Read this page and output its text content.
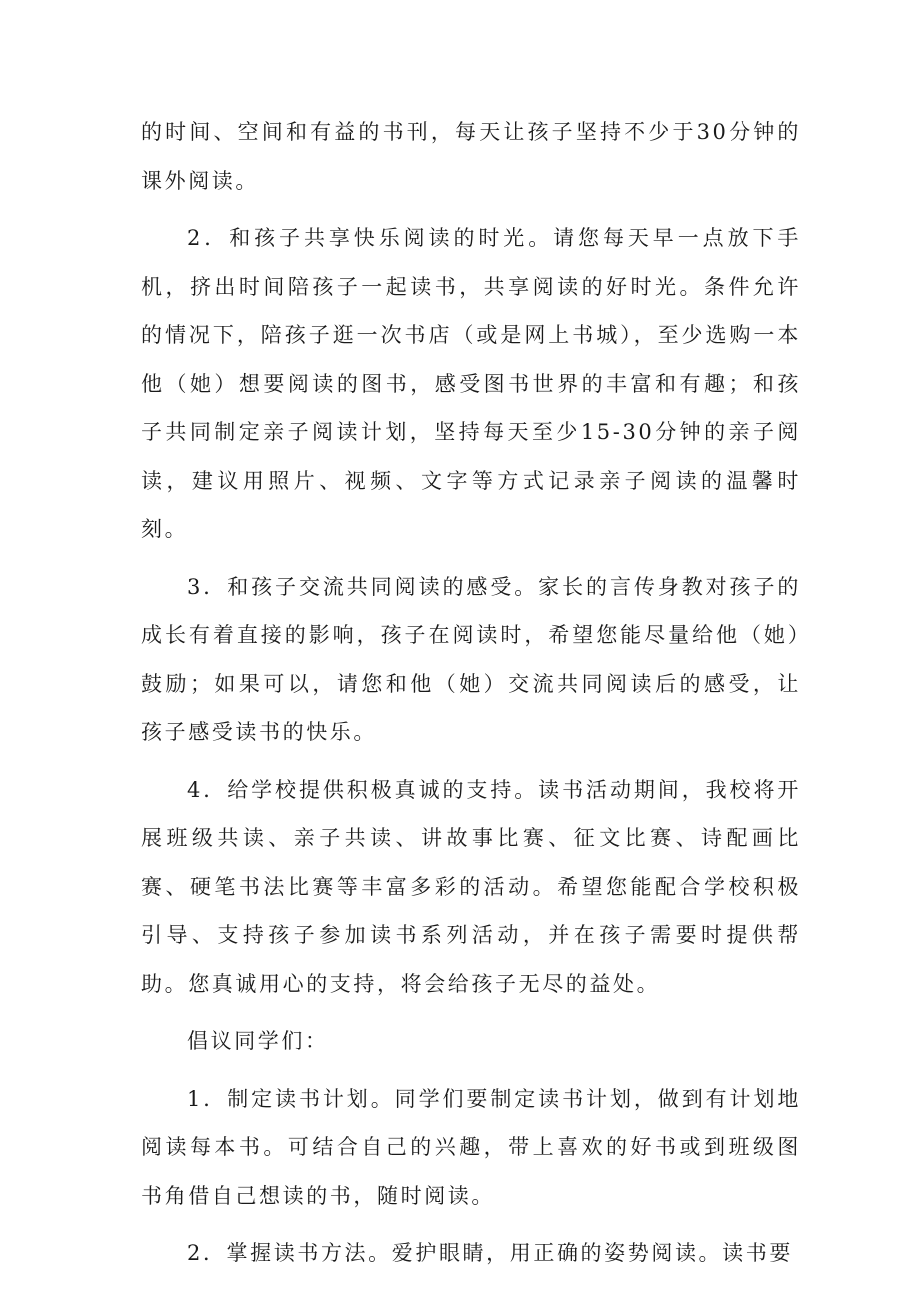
的时间、空间和有益的书刊，每天让孩子坚持不少于30分钟的课外阅读。

2．和孩子共享快乐阅读的时光。请您每天早一点放下手机，挤出时间陪孩子一起读书，共享阅读的好时光。条件允许的情况下，陪孩子逛一次书店（或是网上书城），至少选购一本他（她）想要阅读的图书，感受图书世界的丰富和有趣；和孩子共同制定亲子阅读计划，坚持每天至少15-30分钟的亲子阅读，建议用照片、视频、文字等方式记录亲子阅读的温馨时刻。

3．和孩子交流共同阅读的感受。家长的言传身教对孩子的成长有着直接的影响，孩子在阅读时，希望您能尽量给他（她）鼓励；如果可以，请您和他（她）交流共同阅读后的感受，让孩子感受读书的快乐。

4．给学校提供积极真诚的支持。读书活动期间，我校将开展班级共读、亲子共读、讲故事比赛、征文比赛、诗配画比赛、硬笔书法比赛等丰富多彩的活动。希望您能配合学校积极引导、支持孩子参加读书系列活动，并在孩子需要时提供帮助。您真诚用心的支持，将会给孩子无尽的益处。

倡议同学们：

1．制定读书计划。同学们要制定读书计划，做到有计划地阅读每本书。可结合自己的兴趣，带上喜欢的好书或到班级图书角借自己想读的书，随时阅读。

2．掌握读书方法。爱护眼睛，用正确的姿势阅读。读书要
